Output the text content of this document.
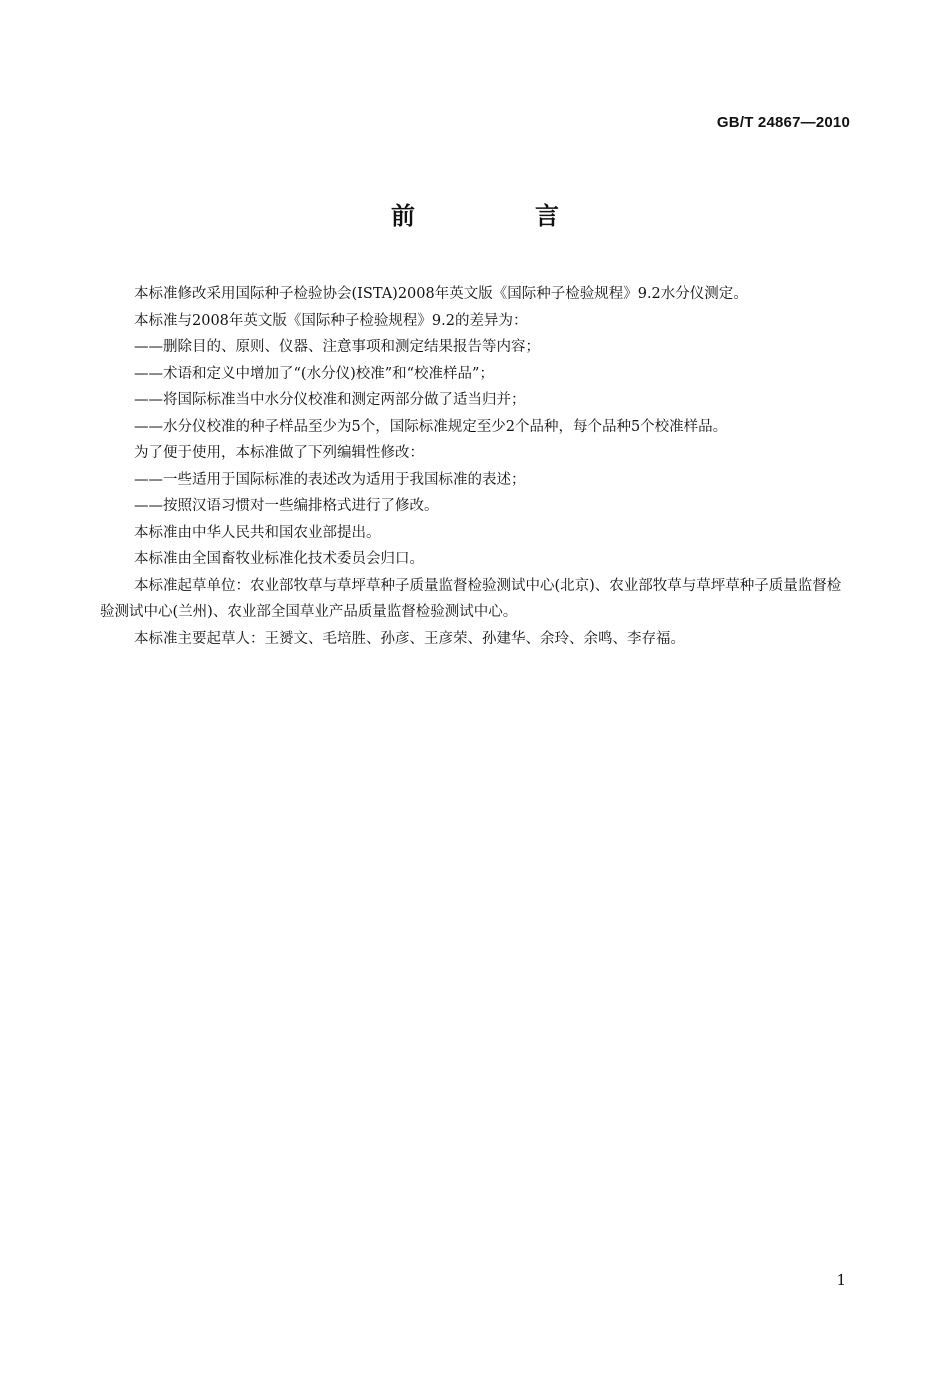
GB/T 24867—2010
前　言

本标准修改采用国际种子检验协会(ISTA)2008年英文版《国际种子检验规程》9.2水分仪测定。

本标准与2008年英文版《国际种子检验规程》9.2的差异为：

——删除目的、原则、仪器、注意事项和测定结果报告等内容；

——术语和定义中增加了“(水分仪)校准”和“校准样品”；

——将国际标准当中水分仪校准和测定两部分做了适当归并；

——水分仪校准的种子样品至少为5个，国际标准规定至少2个品种，每个品种5个校准样品。

为了便于使用，本标准做了下列编辑性修改：

——一些适用于国际标准的表述改为适用于我国标准的表述；

——按照汉语习惯对一些编排格式进行了修改。

本标准由中华人民共和国农业部提出。

本标准由全国畜牧业标准化技术委员会归口。

本标准起草单位：农业部牧草与草坪草种子质量监督检验测试中心(北京)、农业部牧草与草坪草种子质量监督检验测试中心(兰州)、农业部全国草业产品质量监督检验测试中心。

本标准主要起草人：王赟文、毛培胜、孙彦、王彦荣、孙建华、余玲、余鸣、李存福。

1
